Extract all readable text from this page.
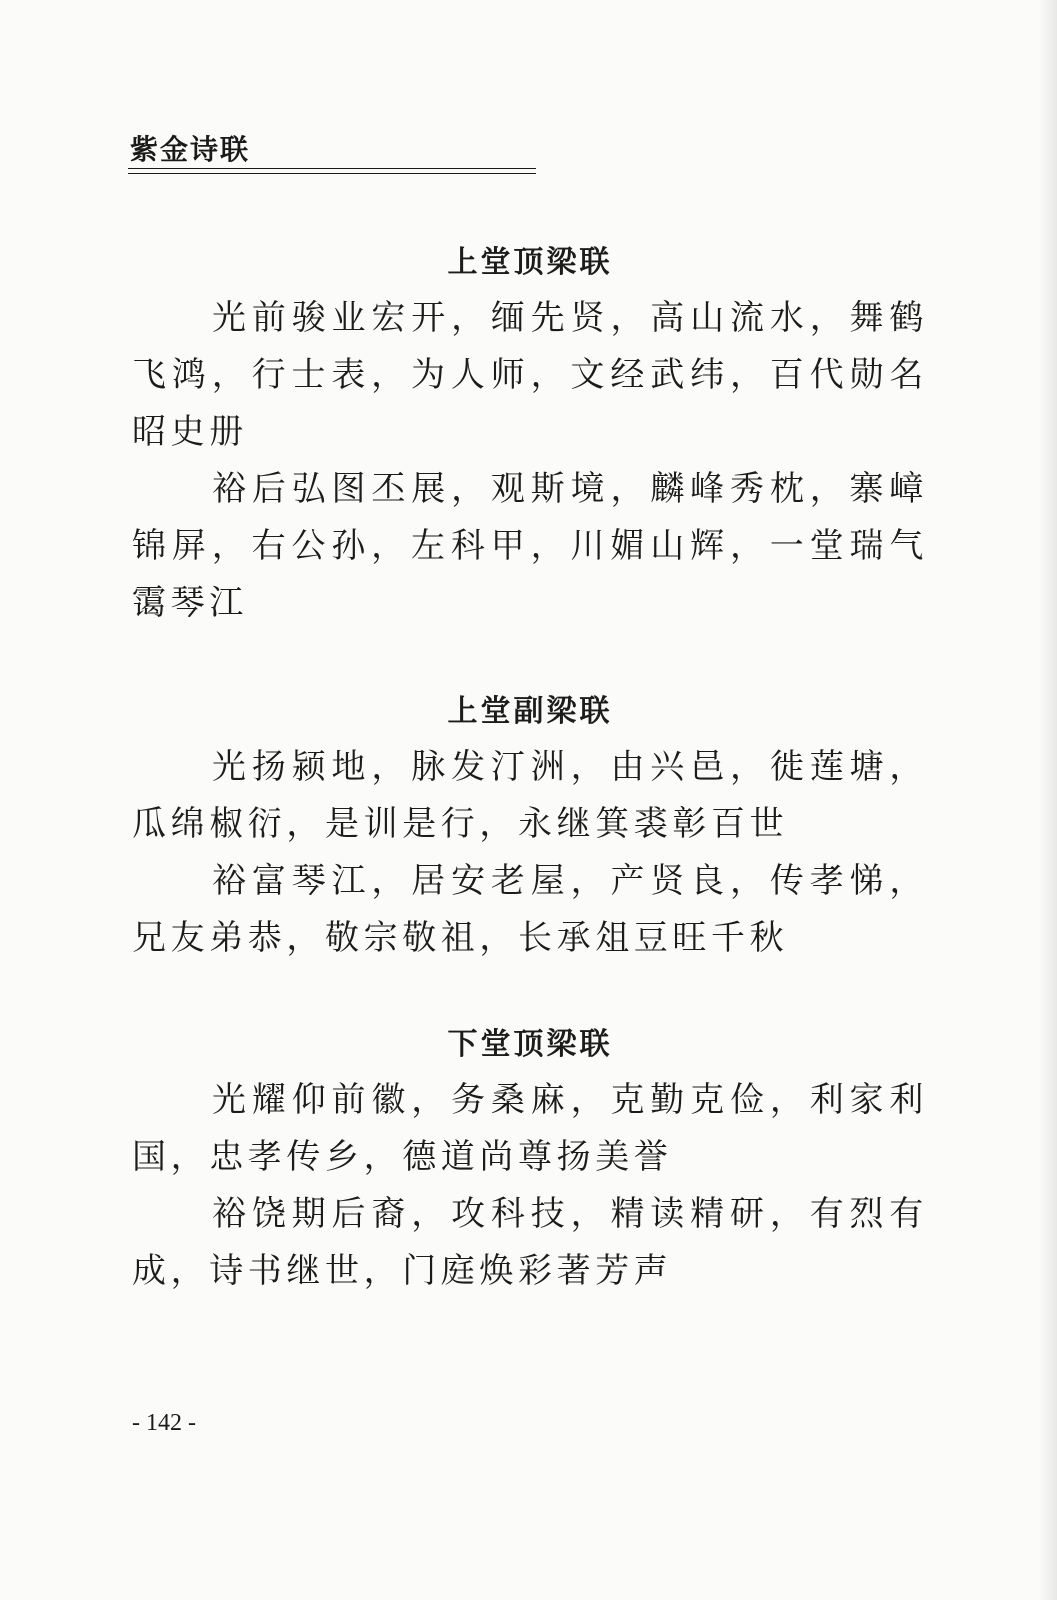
紫金诗联
上堂顶梁联

光前骏业宏开，缅先贤，高山流水，舞鹤飞鸿，行士表，为人师，文经武纬，百代勋名昭史册

裕后弘图丕展，观斯境，麟峰秀枕，寨嶂锦屏，右公孙，左科甲，川媚山辉，一堂瑞气霭琴江

上堂副梁联

光扬颍地，脉发汀洲，由兴邑，徙莲塘，瓜绵椒衍，是训是行，永继箕裘彰百世

裕富琴江，居安老屋，产贤良，传孝悌，兄友弟恭，敬宗敬祖，长承俎豆旺千秋

下堂顶梁联

光耀仰前徽，务桑麻，克勤克俭，利家利国，忠孝传乡，德道尚尊扬美誉

裕饶期后裔，攻科技，精读精研，有烈有成，诗书继世，门庭焕彩著芳声

- 142 -
